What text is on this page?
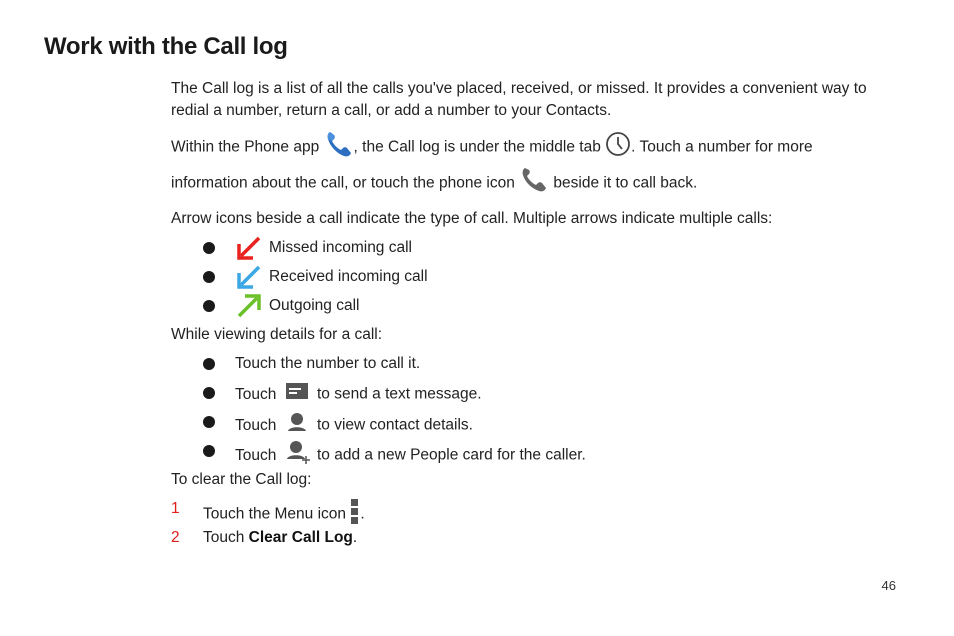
Work with the Call log

The Call log is a list of all the calls you've placed, received, or missed. It provides a convenient way to redial a number, return a call, or add a number to your Contacts.

Within the Phone app , the Call log is under the middle tab . Touch a number for more information about the call, or touch the phone icon  beside it to call back.

Arrow icons beside a call indicate the type of call. Multiple arrows indicate multiple calls:

Missed incoming call
Received incoming call
Outgoing call

While viewing details for a call:

Touch the number to call it.
Touch	to send a text message.
Touch	to view contact details.
Touch	to add a new People card for the caller.

To clear the Call log:

1 Touch the Menu icon .
2 Touch Clear Call Log.
46
